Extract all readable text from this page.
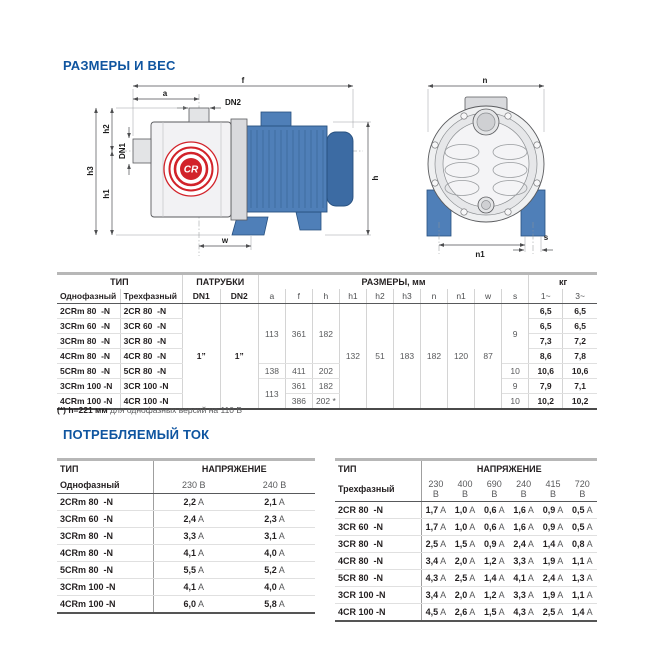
РАЗМЕРЫ И ВЕС
CR
f
a
DN2
DN1
h2
h1
h3
h
w
n
n1
s
ТИП		ПАТРУБКИ		РАЗМЕРЫ, мм										кг	
Однофазный	Трехфазный	DN1	DN2	a	f	h	h1	h2	h3	n	n1	w	s	1~	3~
2CRm 80  -N	2CR 80  -N	1”	1”	113	361	182	132	51	183	182	120	87	9	6,5	6,5
3CRm 60  -N	3CR 60  -N													6,5	6,5
3CRm 80  -N	3CR 80  -N													7,3	7,2
4CRm 80  -N	4CR 80  -N													8,6	7,8
5CRm 80  -N	5CR 80  -N			138	411	202							10	10,6	10,6
3CRm 100 -N	3CR 100 -N			113	361	182							9	7,9	7,1
4CRm 100 -N	4CR 100 -N				386	202 *							10	10,2	10,2
(*) h=221 мм для однофазных версий на 110 В
ПОТРЕБЛЯЕМЫЙ ТОК
ТИП	НАПРЯЖЕНИЕ	
Однофазный	230 В	240 В
2CRm 80  -N	2,2 A	2,1 A
3CRm 60  -N	2,4 A	2,3 A
3CRm 80  -N	3,3 A	3,1 A
4CRm 80  -N	4,1 A	4,0 A
5CRm 80  -N	5,5 A	5,2 A
3CRm 100 -N	4,1 A	4,0 A
4CRm 100 -N	6,0 A	5,8 A
ТИП	НАПРЯЖЕНИЕ					
Трехфазный	230 В	400 В	690 В	240 В	415 В	720 В
2CR 80  -N	1,7 A	1,0 A	0,6 A	1,6 A	0,9 A	0,5 A
3CR 60  -N	1,7 A	1,0 A	0,6 A	1,6 A	0,9 A	0,5 A
3CR 80  -N	2,5 A	1,5 A	0,9 A	2,4 A	1,4 A	0,8 A
4CR 80  -N	3,4 A	2,0 A	1,2 A	3,3 A	1,9 A	1,1 A
5CR 80  -N	4,3 A	2,5 A	1,4 A	4,1 A	2,4 A	1,3 A
3CR 100 -N	3,4 A	2,0 A	1,2 A	3,3 A	1,9 A	1,1 A
4CR 100 -N	4,5 A	2,6 A	1,5 A	4,3 A	2,5 A	1,4 A
